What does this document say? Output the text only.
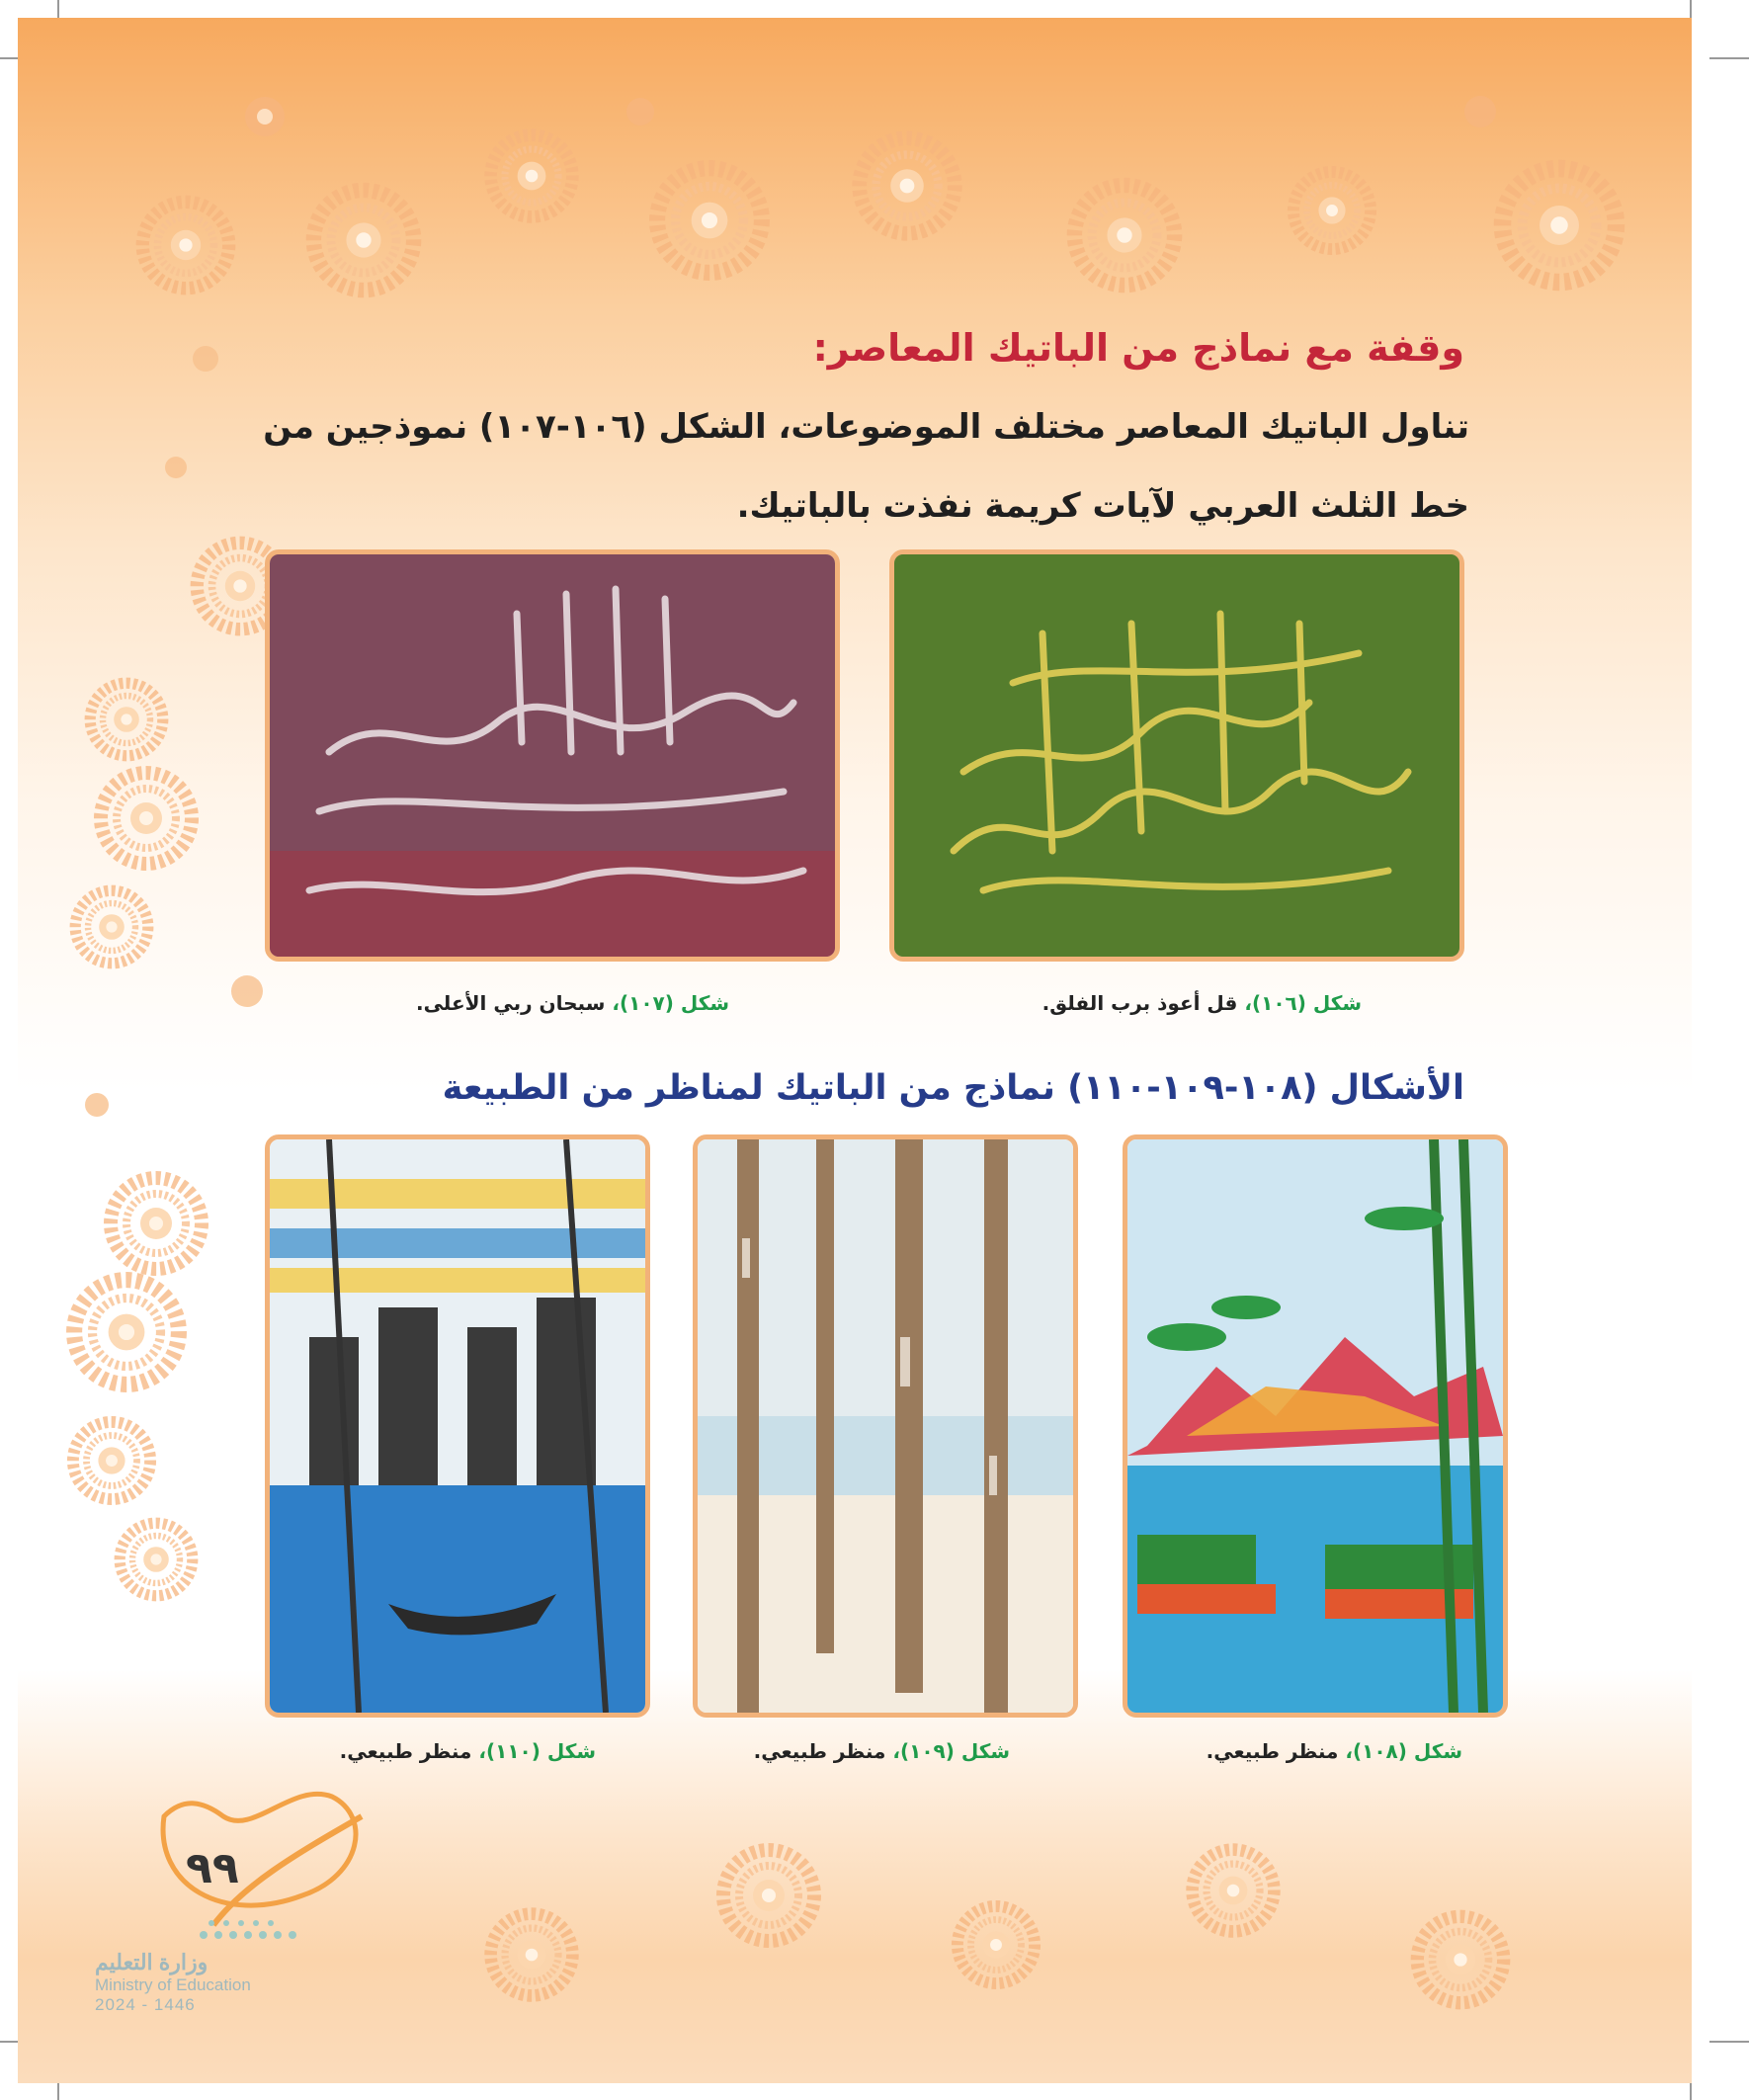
وقفة مع نماذج من الباتيك المعاصر:
تناول الباتيك المعاصر مختلف الموضوعات، الشكل (١٠٦-١٠٧) نموذجين من
خط الثلث العربي لآيات كريمة نفذت بالباتيك.
شكل (١٠٦)، قل أعوذ برب الفلق.
شكل (١٠٧)، سبحان ربي الأعلى.
الأشكال (١٠٨-١٠٩-١١٠) نماذج من الباتيك لمناظر من الطبيعة
شكل (١٠٨)، منظر طبيعي.
شكل (١٠٩)، منظر طبيعي.
شكل (١١٠)، منظر طبيعي.
٩٩
وزارة التعليم
Ministry of Education
2024 - 1446
